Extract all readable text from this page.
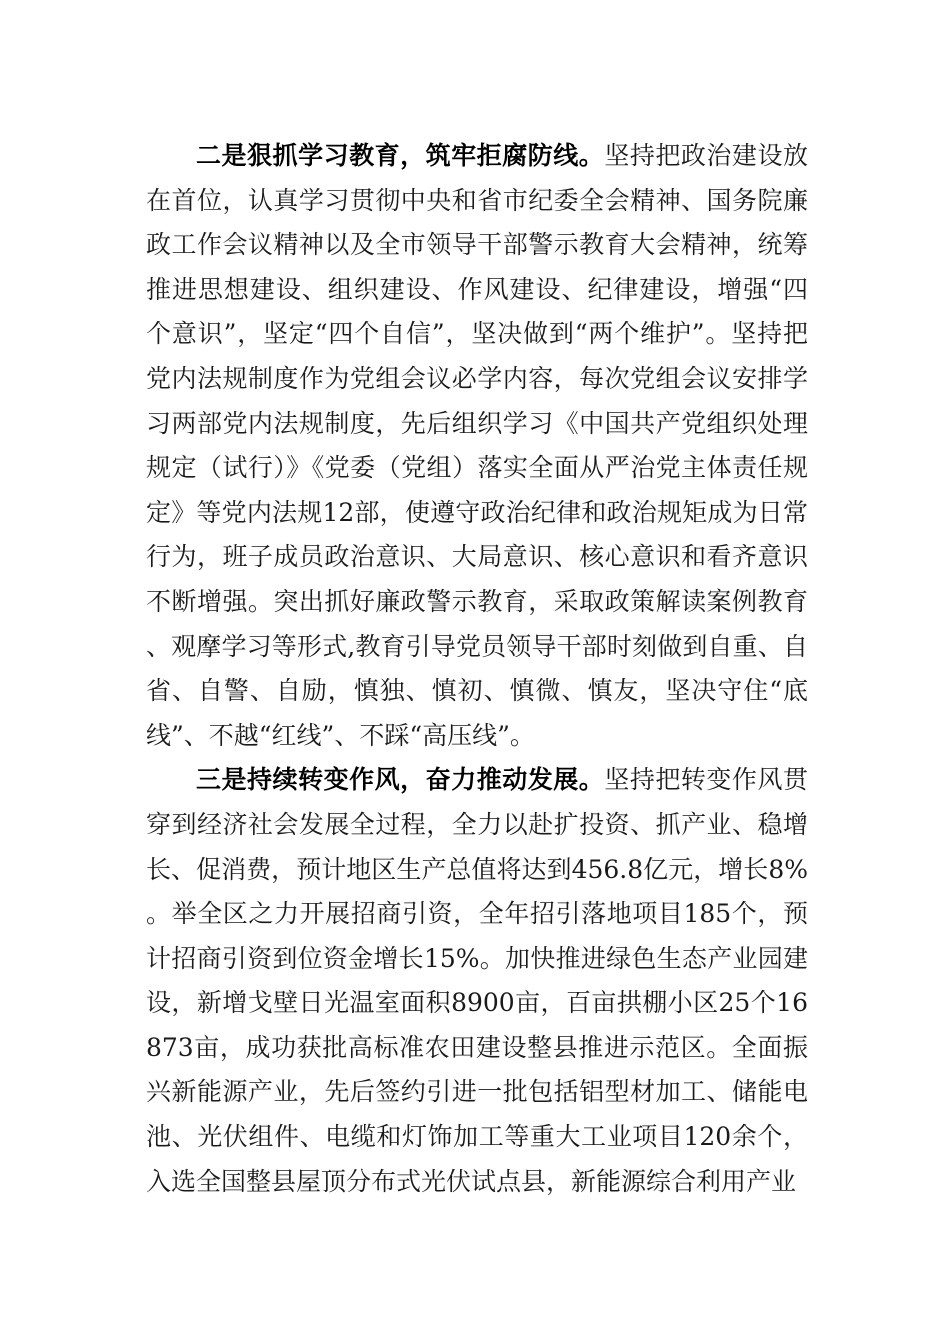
二是狠抓学习教育，筑牢拒腐防线。坚持把政治建设放在首位，认真学习贯彻中央和省市纪委全会精神、国务院廉政工作会议精神以及全市领导干部警示教育大会精神，统筹推进思想建设、组织建设、作风建设、纪律建设，增强“四个意识”，坚定“四个自信”，坚决做到“两个维护”。坚持把党内法规制度作为党组会议必学内容，每次党组会议安排学习两部党内法规制度，先后组织学习《中国共产党组织处理规定（试行）》《党委（党组）落实全面从严治党主体责任规定》等党内法规12部，使遵守政治纪律和政治规矩成为日常行为，班子成员政治意识、大局意识、核心意识和看齐意识不断增强。突出抓好廉政警示教育，采取政策解读案例教育、观摩学习等形式,教育引导党员领导干部时刻做到自重、自省、自警、自励，慎独、慎初、慎微、慎友，坚决守住“底线”、不越“红线”、不踩“高压线”。

三是持续转变作风，奋力推动发展。坚持把转变作风贯穿到经济社会发展全过程，全力以赴扩投资、抓产业、稳增长、促消费，预计地区生产总值将达到456.8亿元，增长8%。举全区之力开展招商引资，全年招引落地项目185个，预计招商引资到位资金增长15%。加快推进绿色生态产业园建设，新增戈壁日光温室面积8900亩，百亩拱棚小区25个16873亩，成功获批高标准农田建设整县推进示范区。全面振兴新能源产业，先后签约引进一批包括铝型材加工、储能电池、光伏组件、电缆和灯饰加工等重大工业项目120余个，入选全国整县屋顶分布式光伏试点县，新能源综合利用产业
